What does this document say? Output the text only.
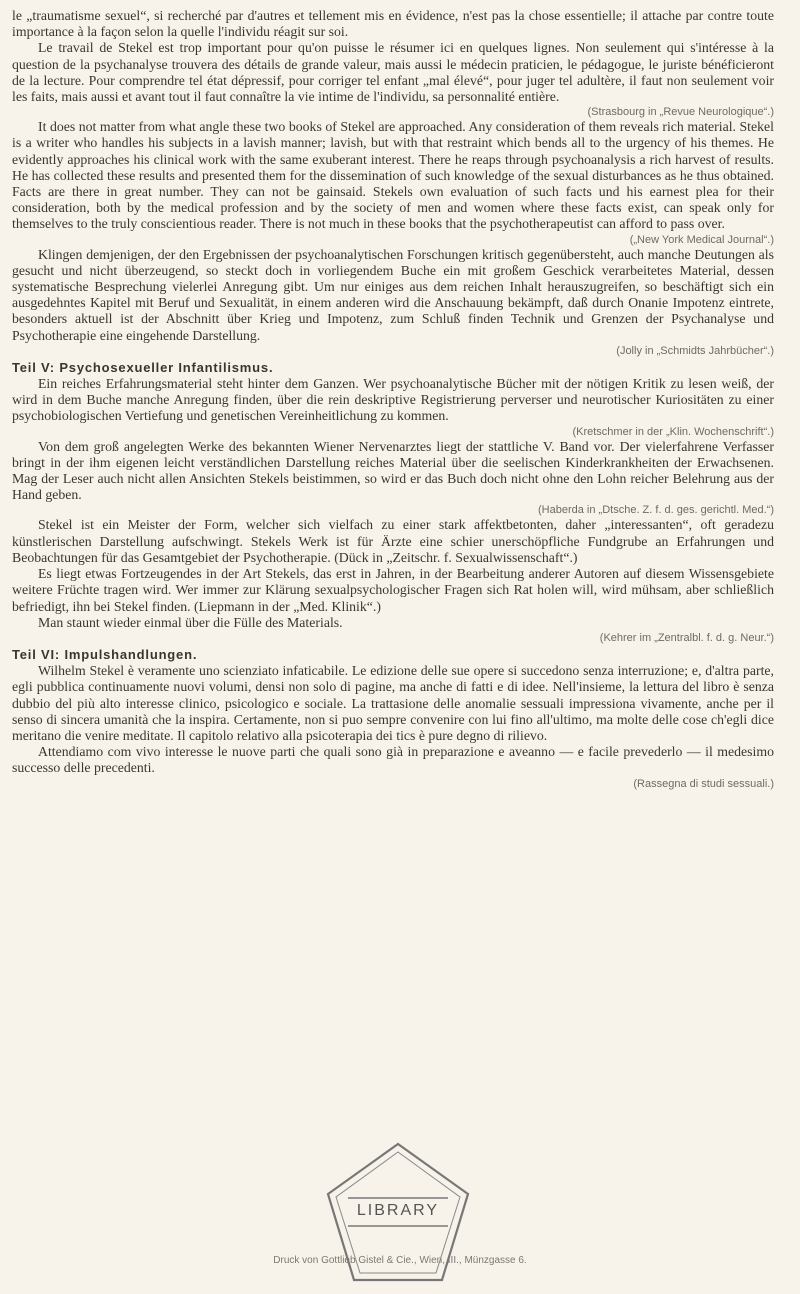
le „traumatisme sexuel“, si recherché par d'autres et tellement mis en évidence, n'est pas la chose essentielle; il attache par contre toute importance à la façon selon la quelle l'individu réagit sur soi.

Le travail de Stekel est trop important pour qu'on puisse le résumer ici en quelques lignes. Non seulement qui s'intéresse à la question de la psychanalyse trouvera des détails de grande valeur, mais aussi le médecin praticien, le pédagogue, le juriste bénéficieront de la lecture. Pour comprendre tel état dépressif, pour corriger tel enfant „mal élevé“, pour juger tel adultère, il faut non seulement voir les faits, mais aussi et avant tout il faut connaître la vie intime de l'individu, sa personnalité entière.

(Strasbourg in „Revue Neurologique“.)

It does not matter from what angle these two books of Stekel are approached. Any consideration of them reveals rich material. Stekel is a writer who handles his subjects in a lavish manner; lavish, but with that restraint which bends all to the urgency of his themes. He evidently approaches his clinical work with the same exuberant interest. There he reaps through psychoanalysis a rich harvest of results. He has collected these results and presented them for the dissemination of such knowledge of the sexual disturbances as he thus obtained. Facts are there in great number. They can not be gainsaid. Stekels own evaluation of such facts und his earnest plea for their consideration, both by the medical profession and by the society of men and women where these facts exist, can speak only for themselves to the truly conscientious reader. There is not much in these books that the psychotherapeutist can afford to pass over.

(„New York Medical Journal“.)

Klingen demjenigen, der den Ergebnissen der psychoanalytischen Forschungen kritisch gegenübersteht, auch manche Deutungen als gesucht und nicht überzeugend, so steckt doch in vorliegendem Buche ein mit großem Geschick verarbeitetes Material, dessen systematische Besprechung vielerlei Anregung gibt. Um nur einiges aus dem reichen Inhalt herauszugreifen, so beschäftigt sich ein ausgedehntes Kapitel mit Beruf und Sexualität, in einem anderen wird die Anschauung bekämpft, daß durch Onanie Impotenz eintrete, besonders aktuell ist der Abschnitt über Krieg und Impotenz, zum Schluß finden Technik und Grenzen der Psychanalyse und Psychotherapie eine eingehende Darstellung.

(Jolly in „Schmidts Jahrbücher“.)
Teil V: Psychosexueller Infantilismus.

Ein reiches Erfahrungsmaterial steht hinter dem Ganzen. Wer psychoanalytische Bücher mit der nötigen Kritik zu lesen weiß, der wird in dem Buche manche Anregung finden, über die rein deskriptive Registrierung perverser und neurotischer Kuriositäten zu einer psychobiologischen Vertiefung und genetischen Vereinheitlichung zu kommen.

(Kretschmer in der „Klin. Wochenschrift“.)

Von dem groß angelegten Werke des bekannten Wiener Nervenarztes liegt der stattliche V. Band vor. Der vielerfahrene Verfasser bringt in der ihm eigenen leicht verständlichen Darstellung reiches Material über die seelischen Kinderkrankheiten der Erwachsenen. Mag der Leser auch nicht allen Ansichten Stekels beistimmen, so wird er das Buch doch nicht ohne den Lohn reicher Belehrung aus der Hand geben.

(Haberda in „Dtsche. Z. f. d. ges. gerichtl. Med.“)

Stekel ist ein Meister der Form, welcher sich vielfach zu einer stark affektbetonten, daher „interessanten“, oft geradezu künstlerischen Darstellung aufschwingt. Stekels Werk ist für Ärzte eine schier unerschöpfliche Fundgrube an Erfahrungen und Beobachtungen für das Gesamtgebiet der Psychotherapie. (Dück in „Zeitschr. f. Sexualwissenschaft“.)

Es liegt etwas Fortzeugendes in der Art Stekels, das erst in Jahren, in der Bearbeitung anderer Autoren auf diesem Wissensgebiete weitere Früchte tragen wird. Wer immer zur Klärung sexualpsychologischer Fragen sich Rat holen will, wird mühsam, aber schließlich befriedigt, ihn bei Stekel finden. (Liepmann in der „Med. Klinik“.)

Man staunt wieder einmal über die Fülle des Materials.

(Kehrer im „Zentralbl. f. d. g. Neur.“)
Teil VI: Impulshandlungen.

Wilhelm Stekel è veramente uno scienziato infaticabile. Le edizione delle sue opere si succedono senza interruzione; e, d'altra parte, egli pubblica continuamente nuovi volumi, densi non solo di pagine, ma anche di fatti e di idee. Nell'insieme, la lettura del libro è senza dubbio del più alto interesse clinico, psicologico e sociale. La trattasione delle anomalie sessuali impressiona vivamente, anche per il senso di sincera umanità che la inspira. Certamente, non si puo sempre convenire con lui fino all'ultimo, ma molte delle cose ch'egli dice meritano die venire meditate. Il capitolo relativo alla psicoterapia dei tics è pure degno di rilievo.

Attendiamo com vivo interesse le nuove parti che quali sono già in preparazione e aveanno — e facile prevederlo — il medesimo successo delle precedenti.

(Rassegna di studi sessuali.)
Druck von Gottlieb Gistel & Cie., Wien, III., Münzgasse 6.
LIBRARY
